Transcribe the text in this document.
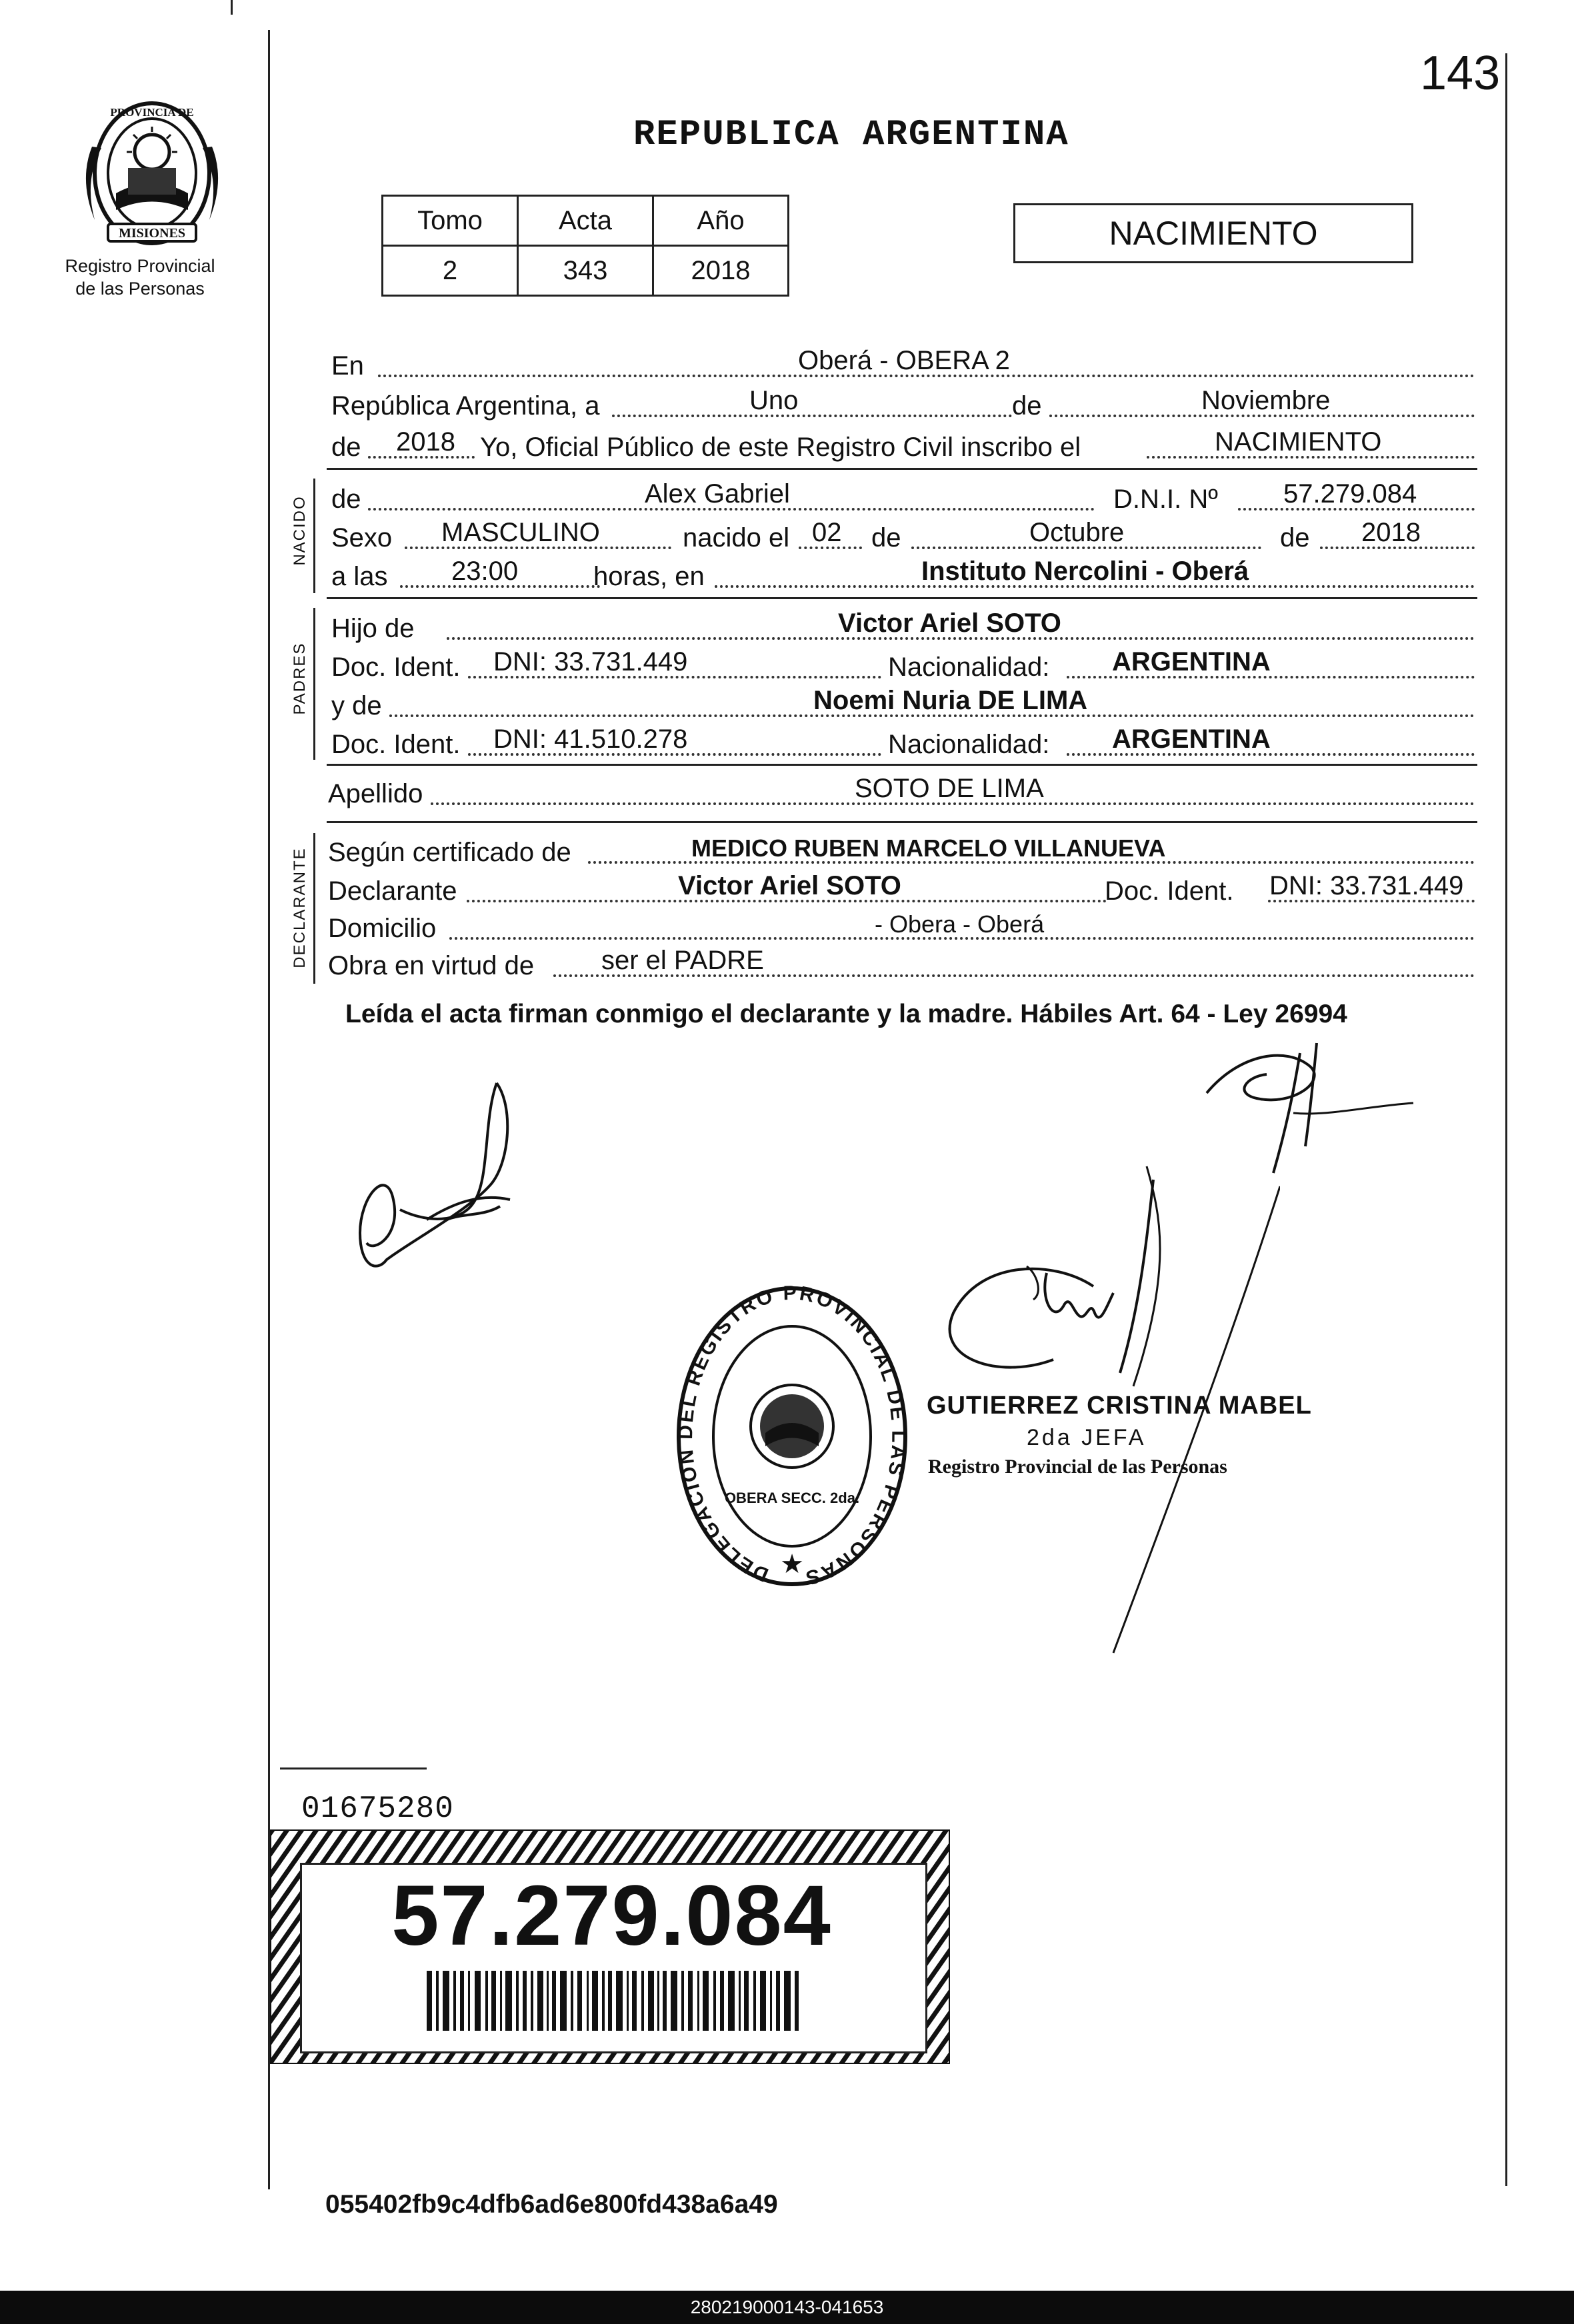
143
REPUBLICA ARGENTINA
MISIONES
PROVINCIA DE
Registro Provincial
de las Personas
Tomo	Acta	Año
2	343	2018
NACIMIENTO
En	Oberá - OBERA 2
República Argentina, a	Uno	de	Noviembre
de 2018 Yo, Oficial Público de este Registro Civil inscribo el	NACIMIENTO
NACIDO de	Alex Gabriel	D.N.I. Nº 57.279.084
Sexo MASCULINO	nacido el 02 de	Octubre	de 2018
a las 23:00	horas, en	Instituto Nercolini - Oberá
PADRES
Hijo de	Victor Ariel SOTO
Doc. Ident. DNI: 33.731.449	Nacionalidad: ARGENTINA
y de	Noemi Nuria DE LIMA
Doc. Ident. DNI: 41.510.278	Nacionalidad: ARGENTINA
Apellido	SOTO DE LIMA
DECLARANTE Según certificado de	MEDICO RUBEN MARCELO VILLANUEVA
Declarante	Victor Ariel SOTO	Doc. Ident. DNI: 33.731.449
Domicilio	- Obera - Oberá
Obra en virtud de	ser el PADRE
Leída el acta firman conmigo el declarante y la madre. Hábiles Art. 64 - Ley 26994
DELEGACION DEL REGISTRO PROVINCIAL DE LAS PERSONAS
OBERA SECC. 2da.
★
GUTIERREZ CRISTINA MABEL
2da JEFA
Registro Provincial de las Personas
01675280
57.279.084
055402fb9c4dfb6ad6e800fd438a6a49
280219000143-041653
